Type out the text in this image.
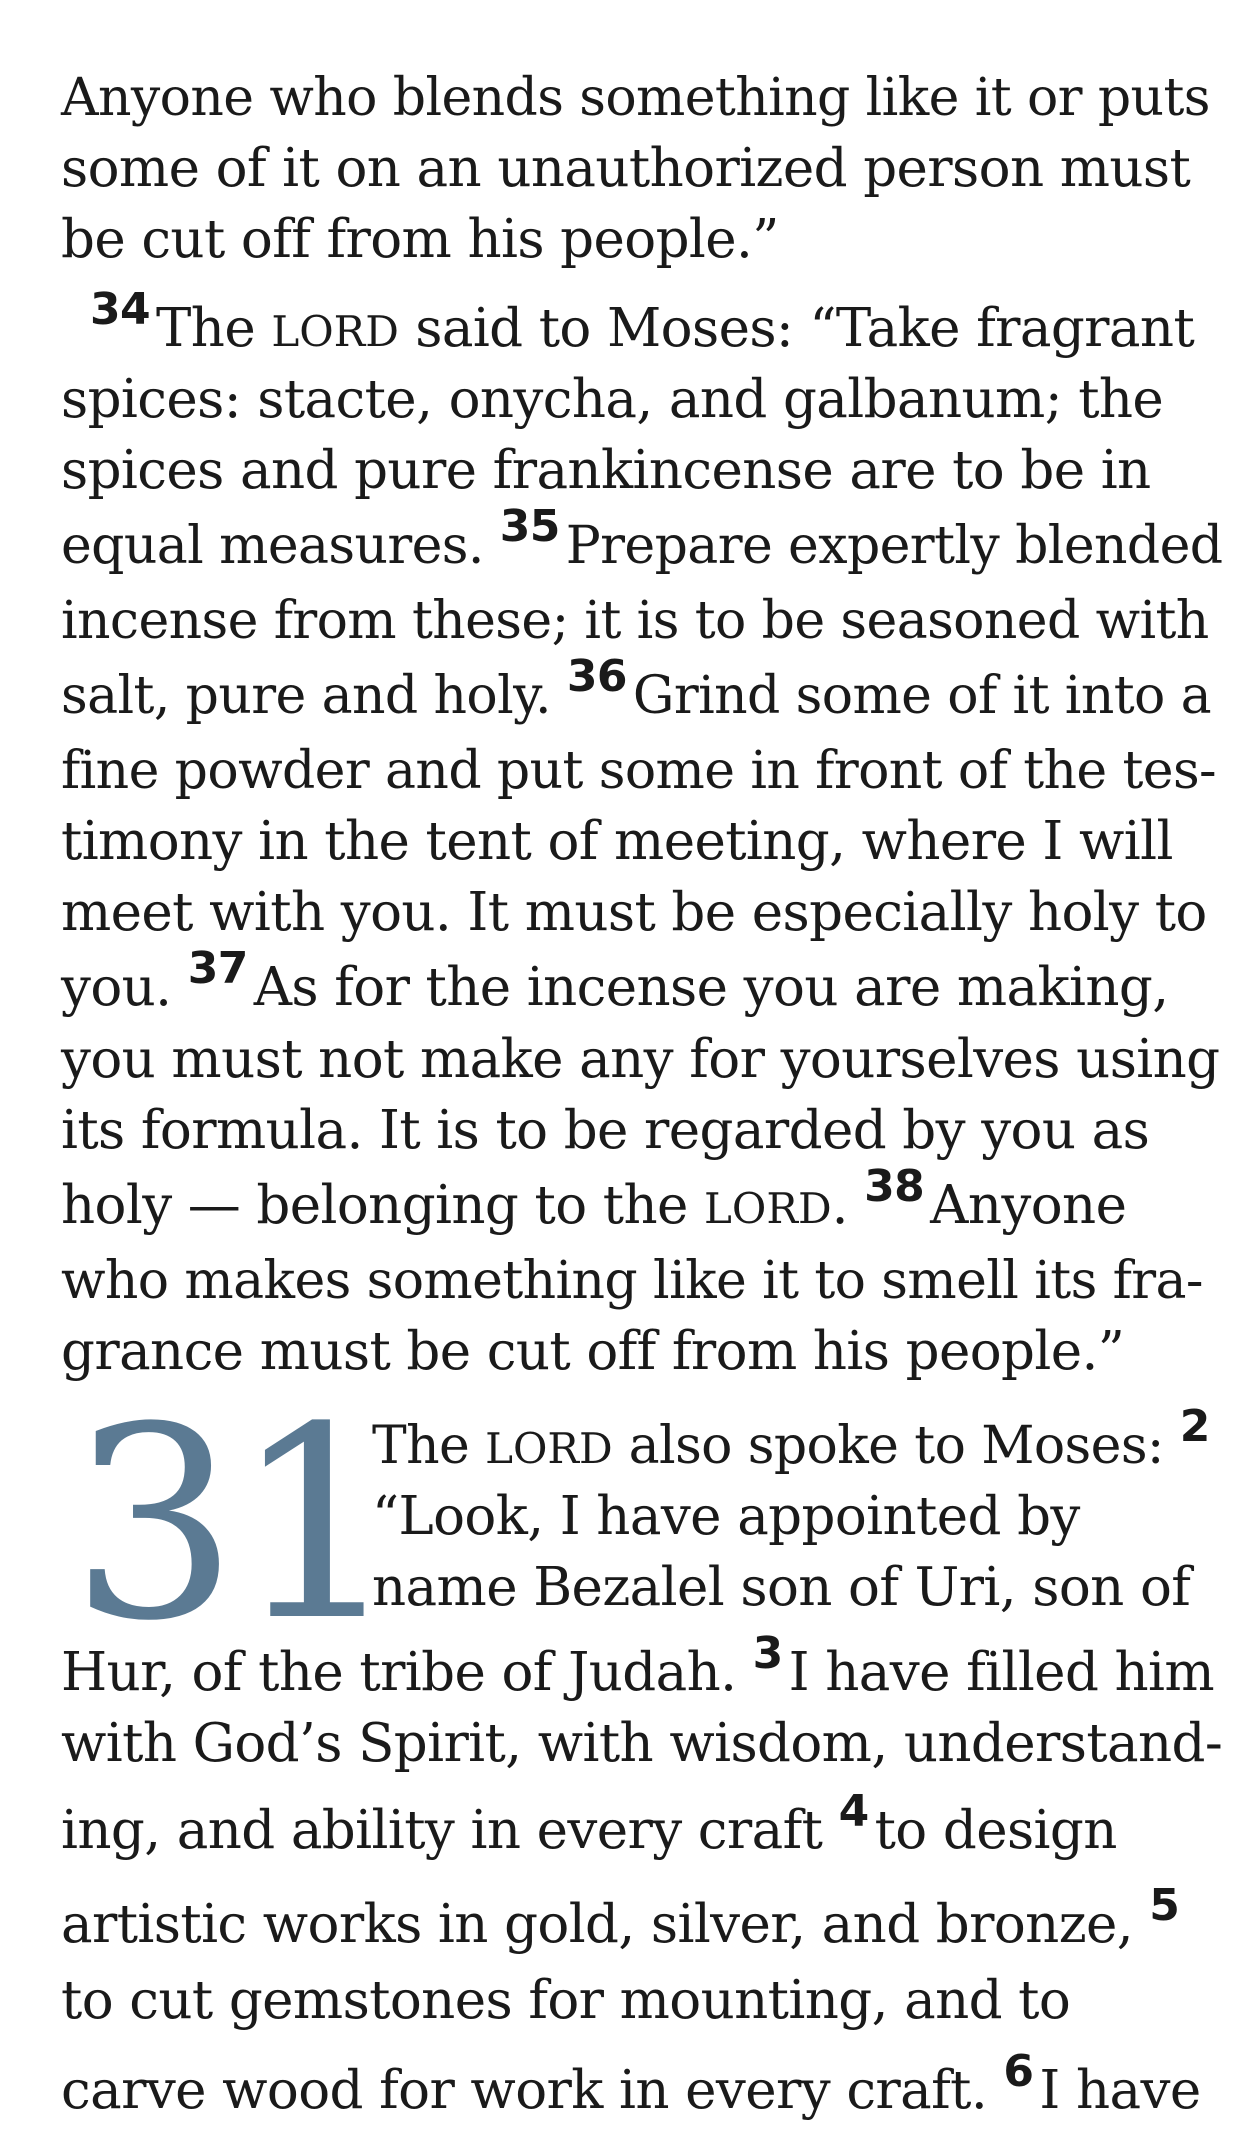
Anyone who blends something like it or puts
some of it on an unauthorized person must
be cut off from his people.”
$^{34}$ The LORD said to Moses: “Take fragrant
spices: stacte, onycha, and galbanum; the
spices and pure frankincense are to be in
equal measures. $^{35}$ Prepare expertly blended
incense from these; it is to be seasoned with
salt, pure and holy. $^{36}$ Grind some of it into a
fine powder and put some in front of the tes-
timony in the tent of meeting, where I will
meet with you. It must be especially holy to
you. $^{37}$ As for the incense you are making,
you must not make any for yourselves using
its formula. It is to be regarded by you as
holy — belonging to the LORD. $^{38}$ Anyone
who makes something like it to smell its fra-
grance must be cut off from his people.”
31
The LORD also spoke to Moses: $^2$
“Look, I have appointed by
name Bezalel son of Uri, son of
Hur, of the tribe of Judah. $^3$ I have filled him
with God’s Spirit, with wisdom, understand-
ing, and ability in every craft $^4$ to design
artistic works in gold, silver, and bronze, $^5$
to cut gemstones for mounting, and to
carve wood for work in every craft. $^6$ I have
